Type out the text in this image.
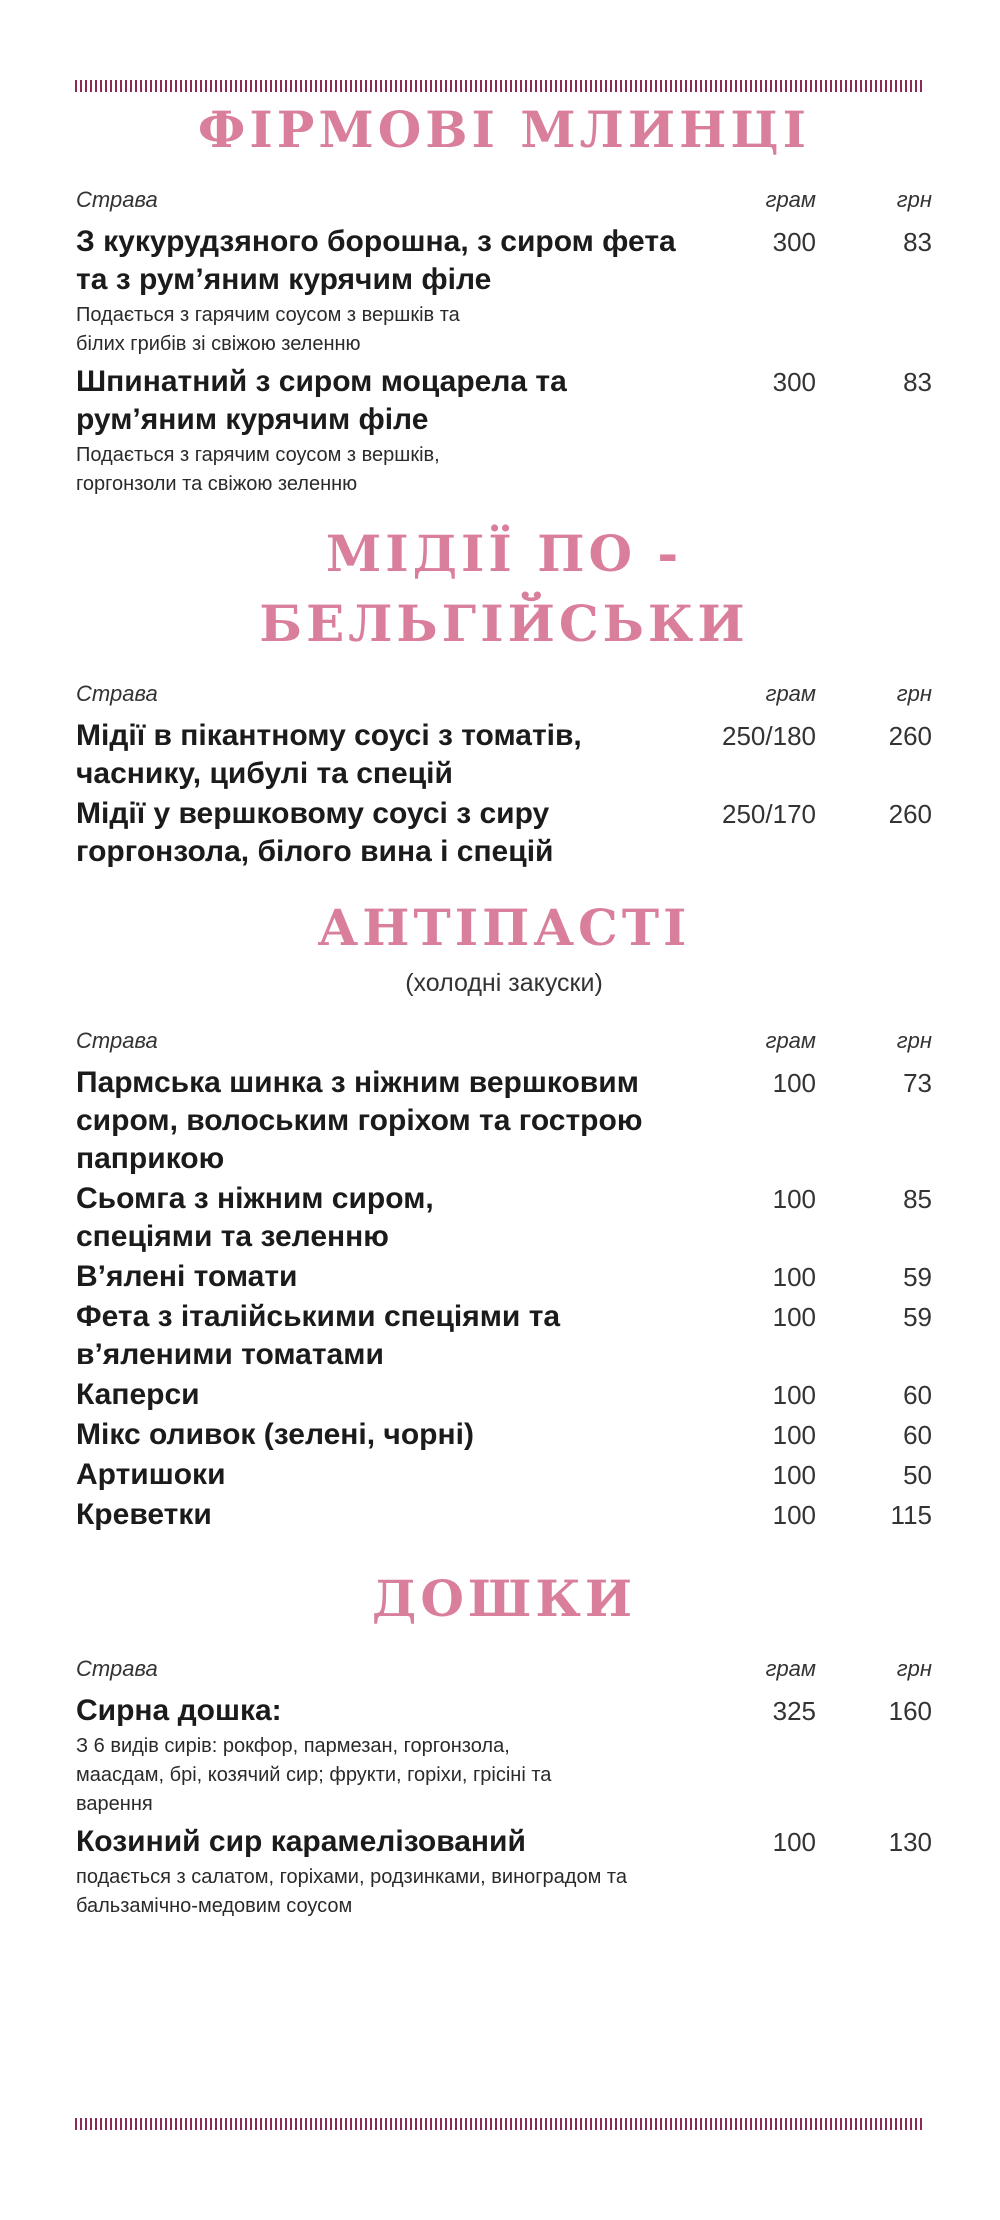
ФІРМОВІ МЛИНЦІ
Страва	грам	грн
З кукурудзяного борошна, з сиром фета та з рум’яним курячим філе
300	83
Подається з гарячим соусом з вершків та білих грибів зі свіжою зеленню
Шпинатний з сиром моцарела та рум’яним курячим філе
300	83
Подається з гарячим соусом з вершків, горгонзоли та свіжою зеленню
МІДІЇ ПО - БЕЛЬГІЙСЬКИ
Страва	грам	грн
Мідії в пікантному соусі з томатів, часнику, цибулі та спецій
250/180	260
Мідії у вершковому соусі з сиру горгонзола, білого вина і спецій
250/170	260
АНТІПАСТІ
(холодні закуски)
Страва	грам	грн
Пармська шинка з ніжним вершковим сиром, волоським горіхом та гострою паприкою
100	73
Сьомга з ніжним сиром, спеціями та зеленню
100	85
В’ялені томати	100	59
Фета з італійськими спеціями та в’яленими томатами
100	59
Каперси	100	60
Мікс оливок (зелені, чорні)	100	60
Артишоки	100	50
Креветки	100	115
ДОШКИ
Страва	грам	грн
Сирна дошка:	325	160
З 6 видів сирів: рокфор, пармезан, горгонзола, маасдам, брі, козячий сир; фрукти, горіхи, грісіні та варення
Козиний сир карамелізований	100	130
подається з салатом, горіхами, родзинками, виноградом та бальзамічно-медовим соусом
